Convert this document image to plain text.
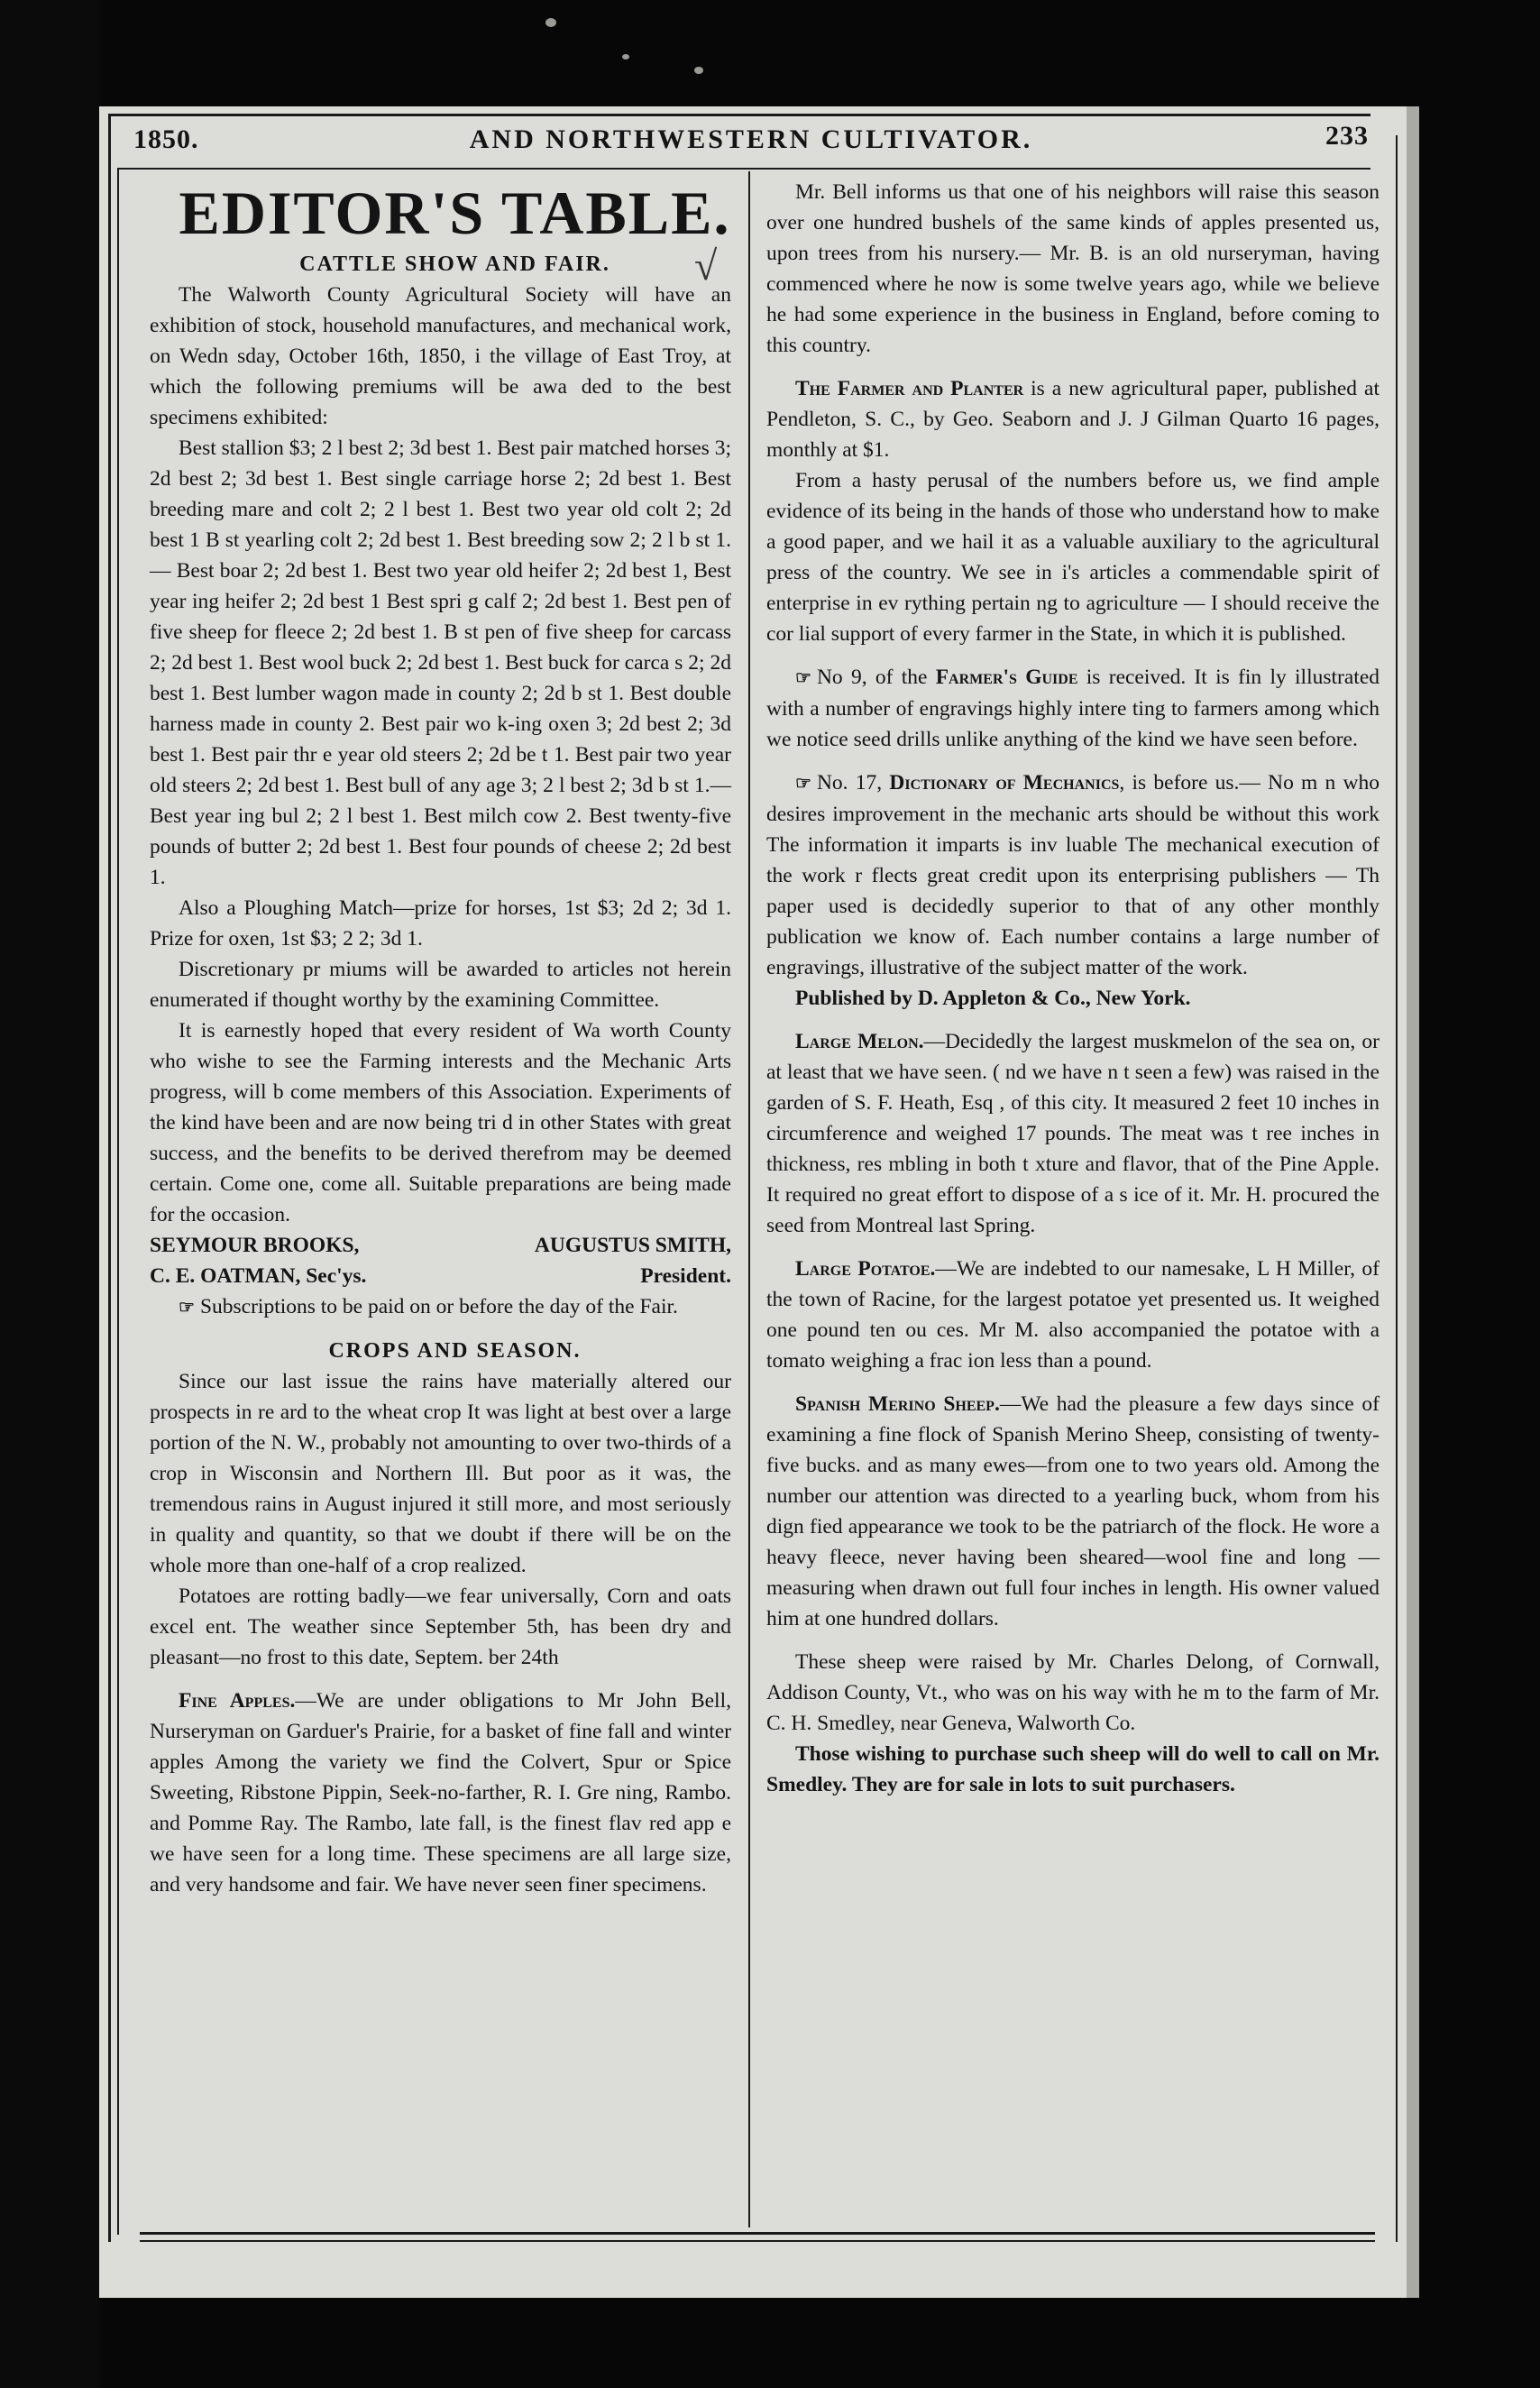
1850.	AND NORTHWESTERN CULTIVATOR.	233
√

EDITOR'S TABLE.

CATTLE SHOW AND FAIR.

The Walworth County Agricultural Society will have an exhibition of stock, household manufactures, and mechanical work, on Wedn sday, October 16th, 1850, i the village of East Troy, at which the following premiums will be awa ded to the best specimens exhibited:

Best stallion $3; 2 l best 2; 3d best 1. Best pair matched horses 3; 2d best 2; 3d best 1. Best single carriage horse 2; 2d best 1. Best breeding mare and colt 2; 2 l best 1. Best two year old colt 2; 2d best 1 B st yearling colt 2; 2d best 1. Best breeding sow 2; 2 l b st 1.— Best boar 2; 2d best 1. Best two year old heifer 2; 2d best 1, Best year ing heifer 2; 2d best 1 Best spri g calf 2; 2d best 1. Best pen of five sheep for fleece 2; 2d best 1. B st pen of five sheep for carcass 2; 2d best 1. Best wool buck 2; 2d best 1. Best buck for carca s 2; 2d best 1. Best lumber wagon made in county 2; 2d b st 1. Best double harness made in county 2. Best pair wo k-ing oxen 3; 2d best 2; 3d best 1. Best pair thr e year old steers 2; 2d be t 1. Best pair two year old steers 2; 2d best 1. Best bull of any age 3; 2 l best 2; 3d b st 1.— Best year ing bul 2; 2 l best 1. Best milch cow 2. Best twenty-five pounds of butter 2; 2d best 1. Best four pounds of cheese 2; 2d best 1.

Also a Ploughing Match—prize for horses, 1st $3; 2d 2; 3d 1. Prize for oxen, 1st $3; 2 2; 3d 1.

Discretionary pr miums will be awarded to articles not herein enumerated if thought worthy by the examining Committee.

It is earnestly hoped that every resident of Wa worth County who wishe to see the Farming interests and the Mechanic Arts progress, will b come members of this Association. Experiments of the kind have been and are now being tri d in other States with great success, and the benefits to be derived therefrom may be deemed certain. Come one, come all. Suitable preparations are being made for the occasion.

SEYMOUR BROOKS,	AUGUSTUS SMITH,
C. E. OATMAN, Sec'ys.	President.

☞ Subscriptions to be paid on or before the day of the Fair.

CROPS AND SEASON.

Since our last issue the rains have materially altered our prospects in re ard to the wheat crop It was light at best over a large portion of the N. W., probably not amounting to over two-thirds of a crop in Wisconsin and Northern Ill. But poor as it was, the tremendous rains in August injured it still more, and most seriously in quality and quantity, so that we doubt if there will be on the whole more than one-half of a crop realized.

Potatoes are rotting badly—we fear universally, Corn and oats excel ent. The weather since September 5th, has been dry and pleasant—no frost to this date, Septem. ber 24th

Fine Apples.—We are under obligations to Mr John Bell, Nurseryman on Garduer's Prairie, for a basket of fine fall and winter apples Among the variety we find the Colvert, Spur or Spice Sweeting, Ribstone Pippin, Seek-no-farther, R. I. Gre ning, Rambo. and Pomme Ray. The Rambo, late fall, is the finest flav red app e we have seen for a long time. These specimens are all large size, and very handsome and fair. We have never seen finer specimens.

Mr. Bell informs us that one of his neighbors will raise this season over one hundred bushels of the same kinds of apples presented us, upon trees from his nursery.— Mr. B. is an old nurseryman, having commenced where he now is some twelve years ago, while we believe he had some experience in the business in England, before coming to this country.

The Farmer and Planter is a new agricultural paper, published at Pendleton, S. C., by Geo. Seaborn and J. J Gilman Quarto 16 pages, monthly at $1.

From a hasty perusal of the numbers before us, we find ample evidence of its being in the hands of those who understand how to make a good paper, and we hail it as a valuable auxiliary to the agricultural press of the country. We see in i's articles a commendable spirit of enterprise in ev rything pertain ng to agriculture — I should receive the cor lial support of every farmer in the State, in which it is published.

☞ No 9, of the Farmer's Guide is received. It is fin ly illustrated with a number of engravings highly intere ting to farmers among which we notice seed drills unlike anything of the kind we have seen before.

☞ No. 17, Dictionary of Mechanics, is before us.— No m n who desires improvement in the mechanic arts should be without this work The information it imparts is inv luable The mechanical execution of the work r flects great credit upon its enterprising publishers — Th paper used is decidedly superior to that of any other monthly publication we know of. Each number contains a large number of engravings, illustrative of the subject matter of the work.

Published by D. Appleton & Co., New York.

Large Melon.—Decidedly the largest muskmelon of the sea on, or at least that we have seen. ( nd we have n t seen a few) was raised in the garden of S. F. Heath, Esq , of this city. It measured 2 feet 10 inches in circumference and weighed 17 pounds. The meat was t ree inches in thickness, res mbling in both t xture and flavor, that of the Pine Apple. It required no great effort to dispose of a s ice of it. Mr. H. procured the seed from Montreal last Spring.

Large Potatoe.—We are indebted to our namesake, L H Miller, of the town of Racine, for the largest potatoe yet presented us. It weighed one pound ten ou ces. Mr M. also accompanied the potatoe with a tomato weighing a frac ion less than a pound.

Spanish Merino Sheep.—We had the pleasure a few days since of examining a fine flock of Spanish Merino Sheep, consisting of twenty-five bucks. and as many ewes—from one to two years old. Among the number our attention was directed to a yearling buck, whom from his dign fied appearance we took to be the patriarch of the flock. He wore a heavy fleece, never having been sheared—wool fine and long — measuring when drawn out full four inches in length. His owner valued him at one hundred dollars.

These sheep were raised by Mr. Charles Delong, of Cornwall, Addison County, Vt., who was on his way with he m to the farm of Mr. C. H. Smedley, near Geneva, Walworth Co.

Those wishing to purchase such sheep will do well to call on Mr. Smedley. They are for sale in lots to suit purchasers.
